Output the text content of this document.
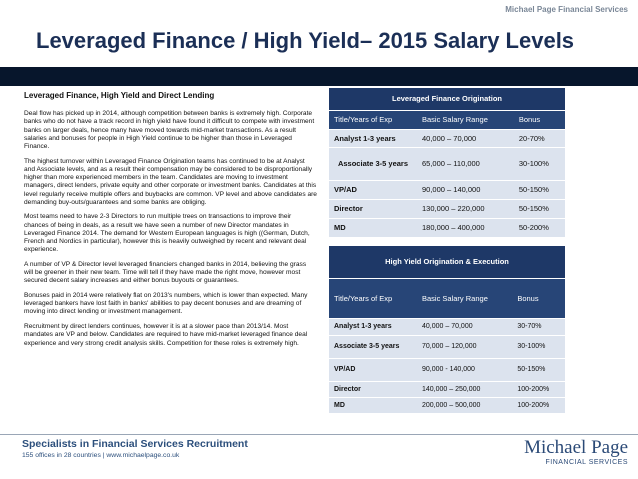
Michael Page Financial Services
Leveraged Finance / High Yield– 2015 Salary Levels
Leveraged Finance, High Yield and Direct Lending

Deal flow has picked up in 2014, although competition between banks is extremely high. Corporate banks who do not have a track record in high yield have found it difficult to compete with investment banks on larger deals, hence many have moved towards mid-market transactions. As a result salaries and bonuses for people in High Yield continue to be higher than those in Leveraged Finance.

The highest turnover within Leveraged Finance Origination teams has continued to be at Analyst and Associate levels, and as a result their compensation may be considered to be disproportionally higher than more experienced members in the team. Candidates are moving to investment managers, direct lenders, private equity and other corporate or investment banks. Candidates at this level regularly receive multiple offers and buybacks are common. VP level and above candidates are demanding buy-outs/guarantees and some banks are obliging.

Most teams need to have 2-3 Directors to run multiple trees on transactions to improve their chances of being in deals, as a result we have seen a number of new Director mandates in Leveraged Finance 2014. The demand for Western European languages is high ((German, Dutch, French and Nordics in particular), however this is heavily outweighed by recent and relevant deal experience.

A number of VP & Director level leveraged financiers changed banks in 2014, believing the grass will be greener in their new team. Time will tell if they have made the right move, however most secured decent salary increases and either bonus buyouts or guarantees.

Bonuses paid in 2014 were relatively flat on 2013's numbers, which is lower than expected. Many leveraged bankers have lost faith in banks' abilities to pay decent bonuses and are dreaming of moving into direct lending or investment management.

Recruitment by direct lenders continues, however it is at a slower pace than 2013/14. Most mandates are VP and below. Candidates are required to have mid-market leveraged finance deal experience and very strong credit analysis skills. Competition for these roles is extremely high.

Leveraged Finance Origination		
Title/Years of Exp	Basic Salary Range	Bonus
Analyst 1-3 years	40,000 – 70,000	20-70%
Associate 3-5 years	65,000 – 110,000	30-100%
VP/AD	90,000 – 140,000	50-150%
Director	130,000 – 220,000	50-150%
MD	180,000 – 400,000	50-200%
High Yield Origination & Execution		
Title/Years of Exp	Basic Salary Range	Bonus
Analyst 1-3 years	40,000 – 70,000	30-70%
Associate 3-5 years	70,000 – 120,000	30-100%
VP/AD	90,000 - 140,000	50-150%
Director	140,000 – 250,000	100-200%
MD	200,000 – 500,000	100-200%
Specialists in Financial Services Recruitment
155 offices in 28 countries | www.michaelpage.co.uk	Michael Page
FINANCIAL SERVICES
